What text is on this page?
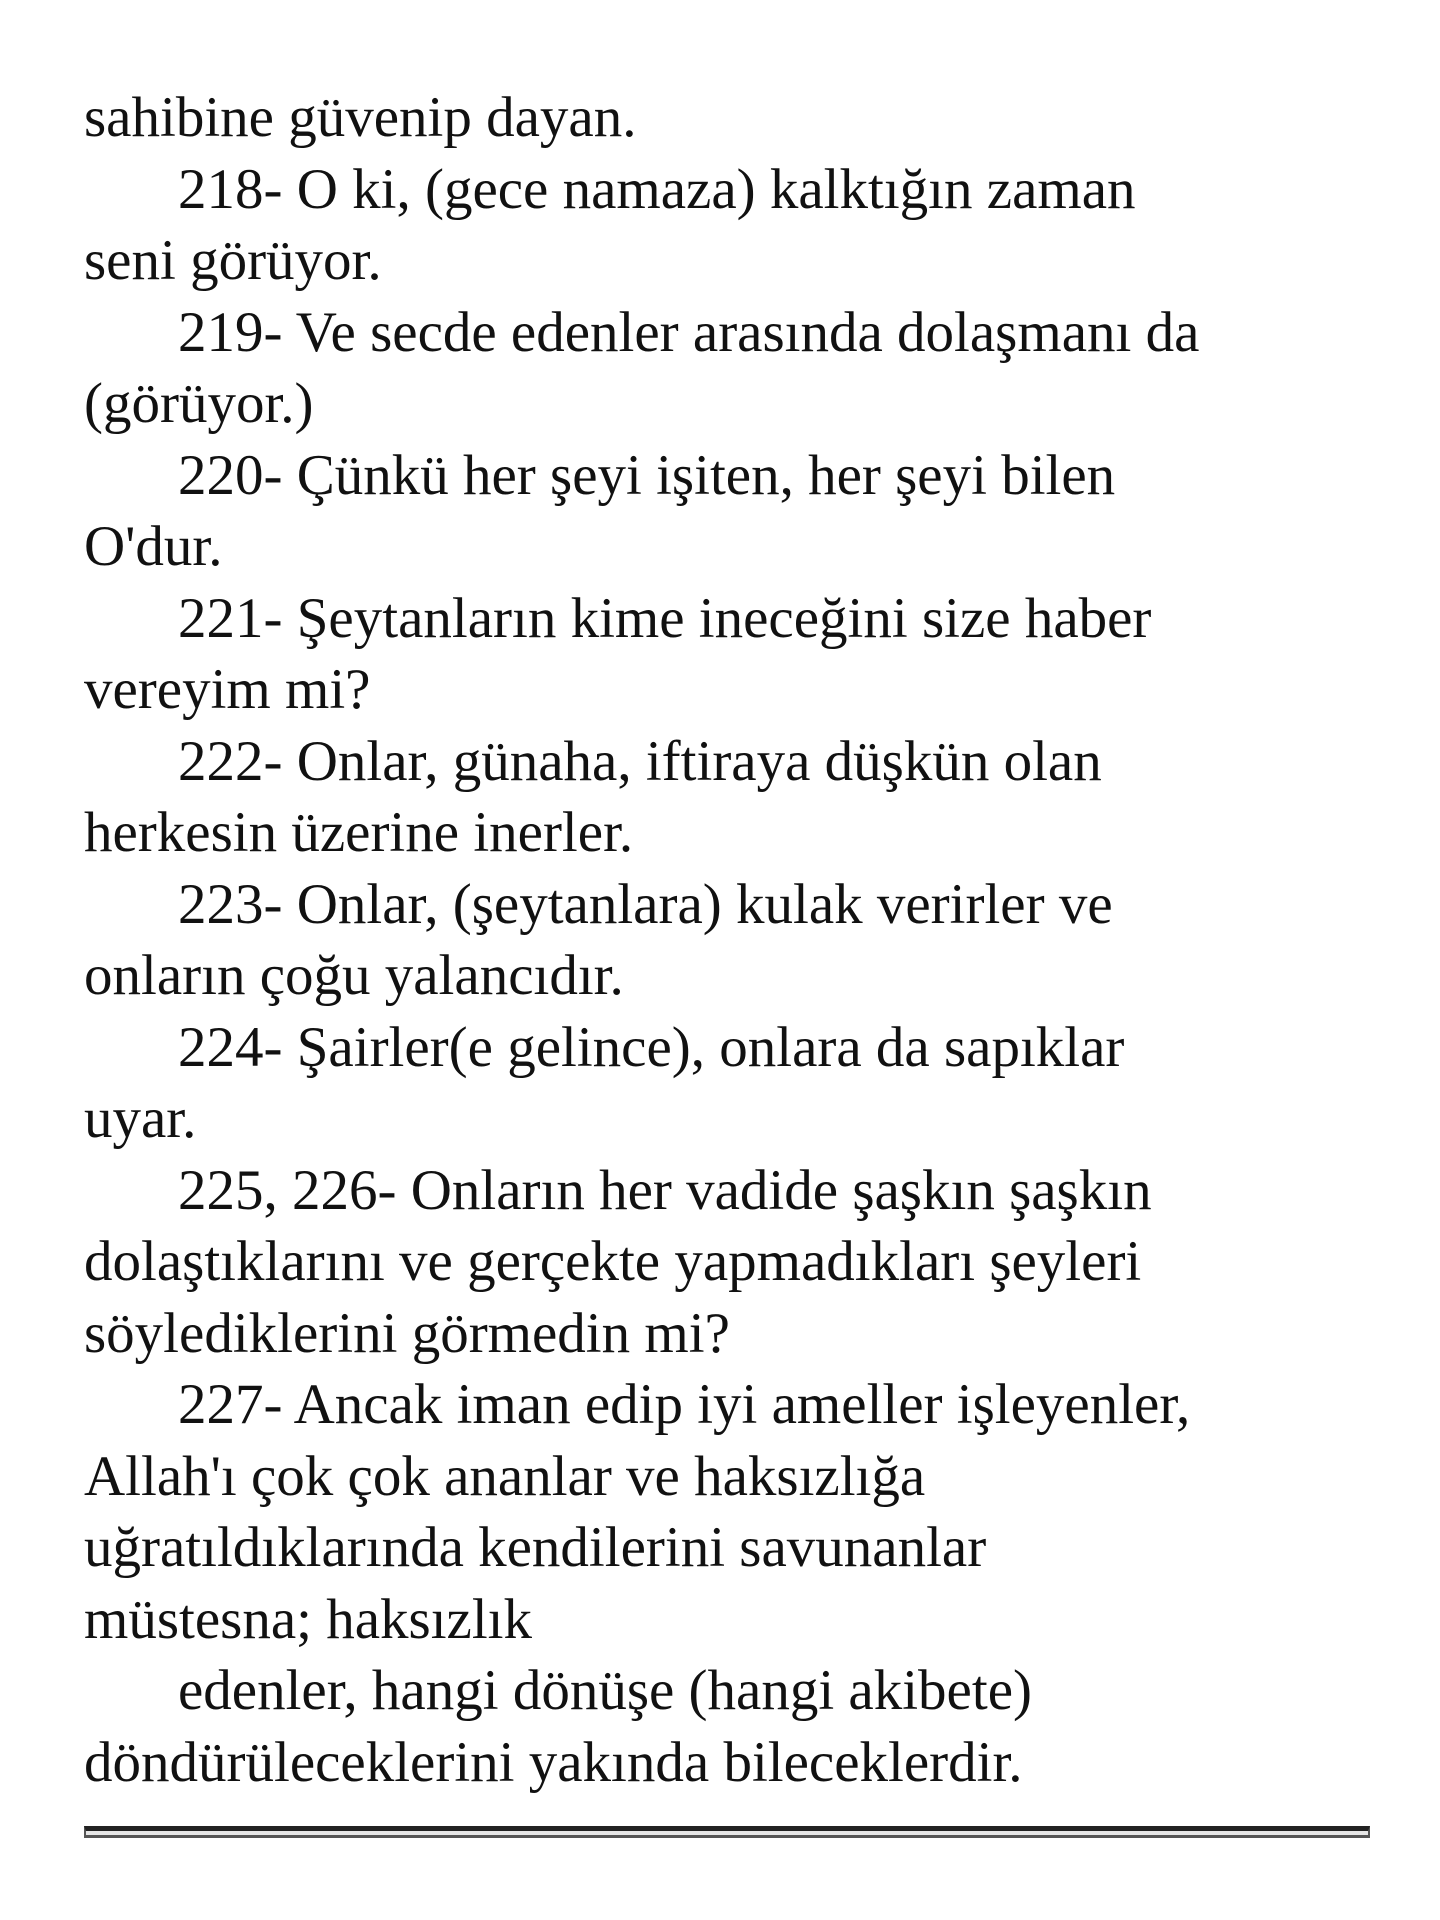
sahibine güvenip dayan.

218- O ki, (gece namaza) kalktığın zaman
seni görüyor.

219- Ve secde edenler arasında dolaşmanı da
(görüyor.)

220- Çünkü her şeyi işiten, her şeyi bilen
O'dur.

221- Şeytanların kime ineceğini size haber
vereyim mi?

222- Onlar, günaha, iftiraya düşkün olan
herkesin üzerine inerler.

223- Onlar, (şeytanlara) kulak verirler ve
onların çoğu yalancıdır.

224- Şairler(e gelince), onlara da sapıklar
uyar.

225, 226- Onların her vadide şaşkın şaşkın
dolaştıklarını ve gerçekte yapmadıkları şeyleri
söylediklerini görmedin mi?

227- Ancak iman edip iyi ameller işleyenler,
Allah'ı çok çok ananlar ve haksızlığa
uğratıldıklarında kendilerini savunanlar
müstesna; haksızlık

edenler, hangi dönüşe (hangi akibete)
döndürüleceklerini yakında bileceklerdir.
